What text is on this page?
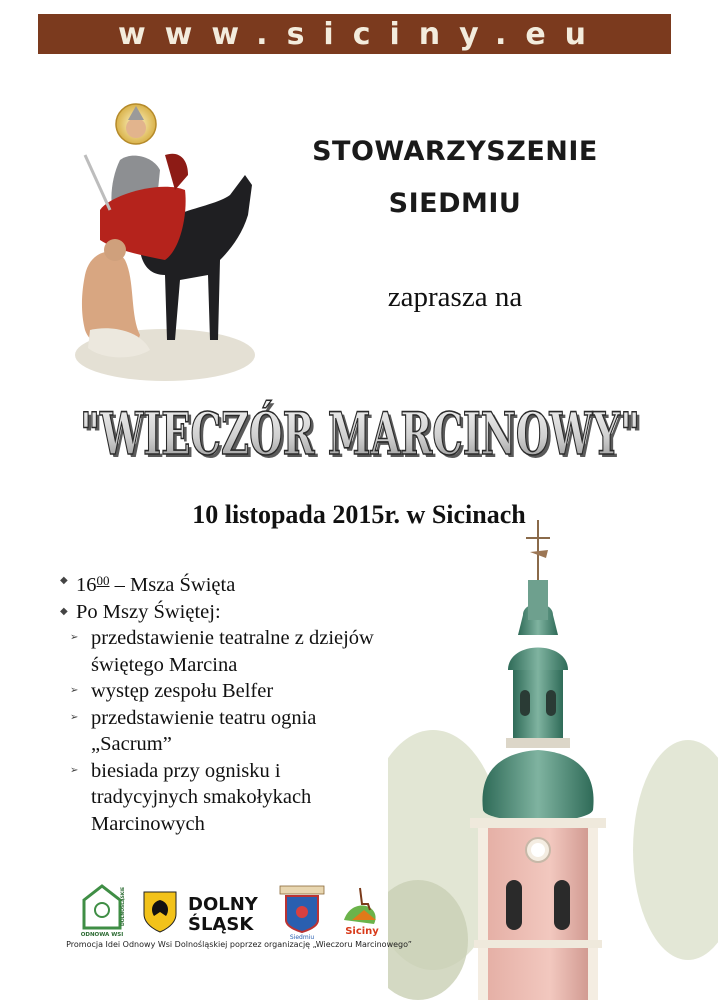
www.siciny.eu
STOWARZYSZENIE
SIEDMIU
zaprasza na
"WIECZÓR MARCINOWY"
"WIECZÓR MARCINOWY"
10 listopada 2015r. w Sicinach
◆ $16^{00}$ – Msza Święta
◆ Po Mszy Świętej:
➢ przedstawienie teatralne z dziejów
świętego Marcina
➢ występ zespołu Belfer
➢ przedstawienie teatru ognia
„Sacrum”
➢ biesiada przy ognisku i
tradycyjnych smakołykach
Marcinowych
ODNOWA WSI
DOLNOŚLĄSKIE	DOLNY
ŚLĄSK
Siedmiu
Siciny
Promocja Idei Odnowy Wsi Dolnośląskiej poprzez organizację „Wieczoru Marcinowego”
